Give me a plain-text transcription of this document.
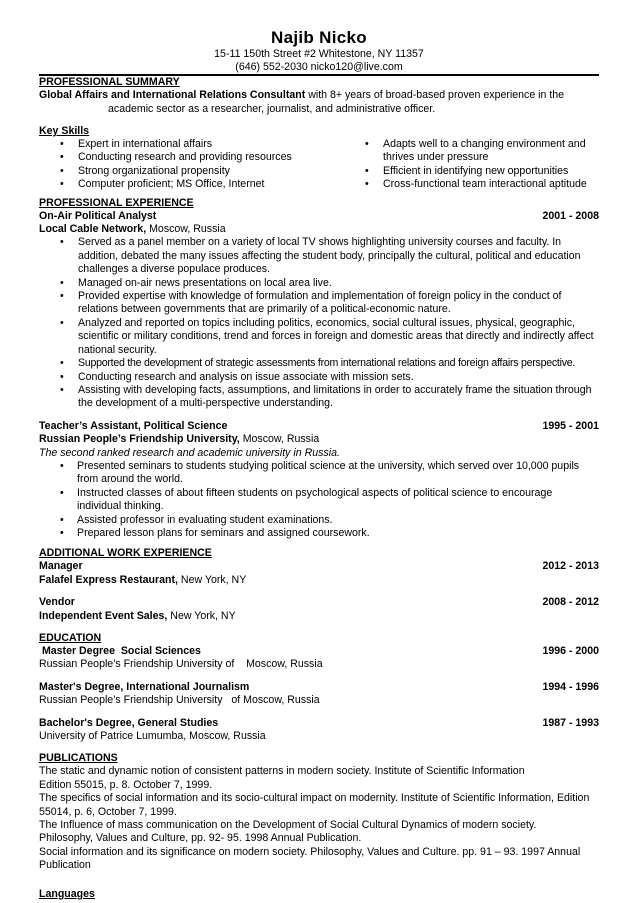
Najib Nicko
15-11 150th Street #2 Whitestone, NY 11357
(646) 552-2030 nicko120@live.com
PROFESSIONAL SUMMARY
Global Affairs and International Relations Consultant with 8+ years of broad-based proven experience in the
academic sector as a researcher, journalist, and administrative officer.
Key Skills
• Expert in international affairs
• Conducting research and providing resources
• Strong organizational propensity
• Computer proficient; MS Office, Internet
• Adapts well to a changing environment and thrives under pressure
• Efficient in identifying new opportunities
• Cross-functional team interactional aptitude
PROFESSIONAL EXPERIENCE
On-Air Political Analyst	2001 - 2008
Local Cable Network, Moscow, Russia
• Served as a panel member on a variety of local TV shows highlighting university courses and faculty. In addition, debated the many issues affecting the student body, principally the cultural, political and education challenges a diverse populace produces.
• Managed on-air news presentations on local area live.
• Provided expertise with knowledge of formulation and implementation of foreign policy in the conduct of relations between governments that are primarily of a political-economic nature.
• Analyzed and reported on topics including politics, economics, social cultural issues, physical, geographic, scientific or military conditions, trend and forces in foreign and domestic areas that directly and indirectly affect national security.
• Supported the development of strategic assessments from international relations and foreign affairs perspective.
• Conducting research and analysis on issue associate with mission sets.
• Assisting with developing facts, assumptions, and limitations in order to accurately frame the situation through the development of a multi-perspective understanding.
Teacher’s Assistant, Political Science	1995 - 2001
Russian People’s Friendship University, Moscow, Russia
The second ranked research and academic university in Russia.
• Presented seminars to students studying political science at the university, which served over 10,000 pupils from around the world.
• Instructed classes of about fifteen students on psychological aspects of political science to encourage individual thinking.
• Assisted professor in evaluating student examinations.
• Prepared lesson plans for seminars and assigned coursework.
ADDITIONAL WORK EXPERIENCE
Manager	2012 - 2013
Falafel Express Restaurant, New York, NY
Vendor	2008 - 2012
Independent Event Sales, New York, NY
EDUCATION
Master Degree  Social Sciences	1996 - 2000
Russian People’s Friendship University of    Moscow, Russia
Master's Degree, International Journalism	1994 - 1996
Russian People’s Friendship University   of Moscow, Russia
Bachelor's Degree, General Studies	1987 - 1993
University of Patrice Lumumba, Moscow, Russia
PUBLICATIONS

The static and dynamic notion of consistent patterns in modern society. Institute of Scientific Information Edition 55015, p. 8. October 7, 1999.

The specifics of social information and its socio-cultural impact on modernity. Institute of Scientific Information, Edition 55014, p. 6, October 7, 1999.

The Influence of mass communication on the Development of Social Cultural Dynamics of modern society. Philosophy, Values and Culture, pp. 92- 95. 1998 Annual Publication.

Social information and its significance on modern society. Philosophy, Values and Culture. pp. 91 – 93. 1997 Annual Publication

Languages
